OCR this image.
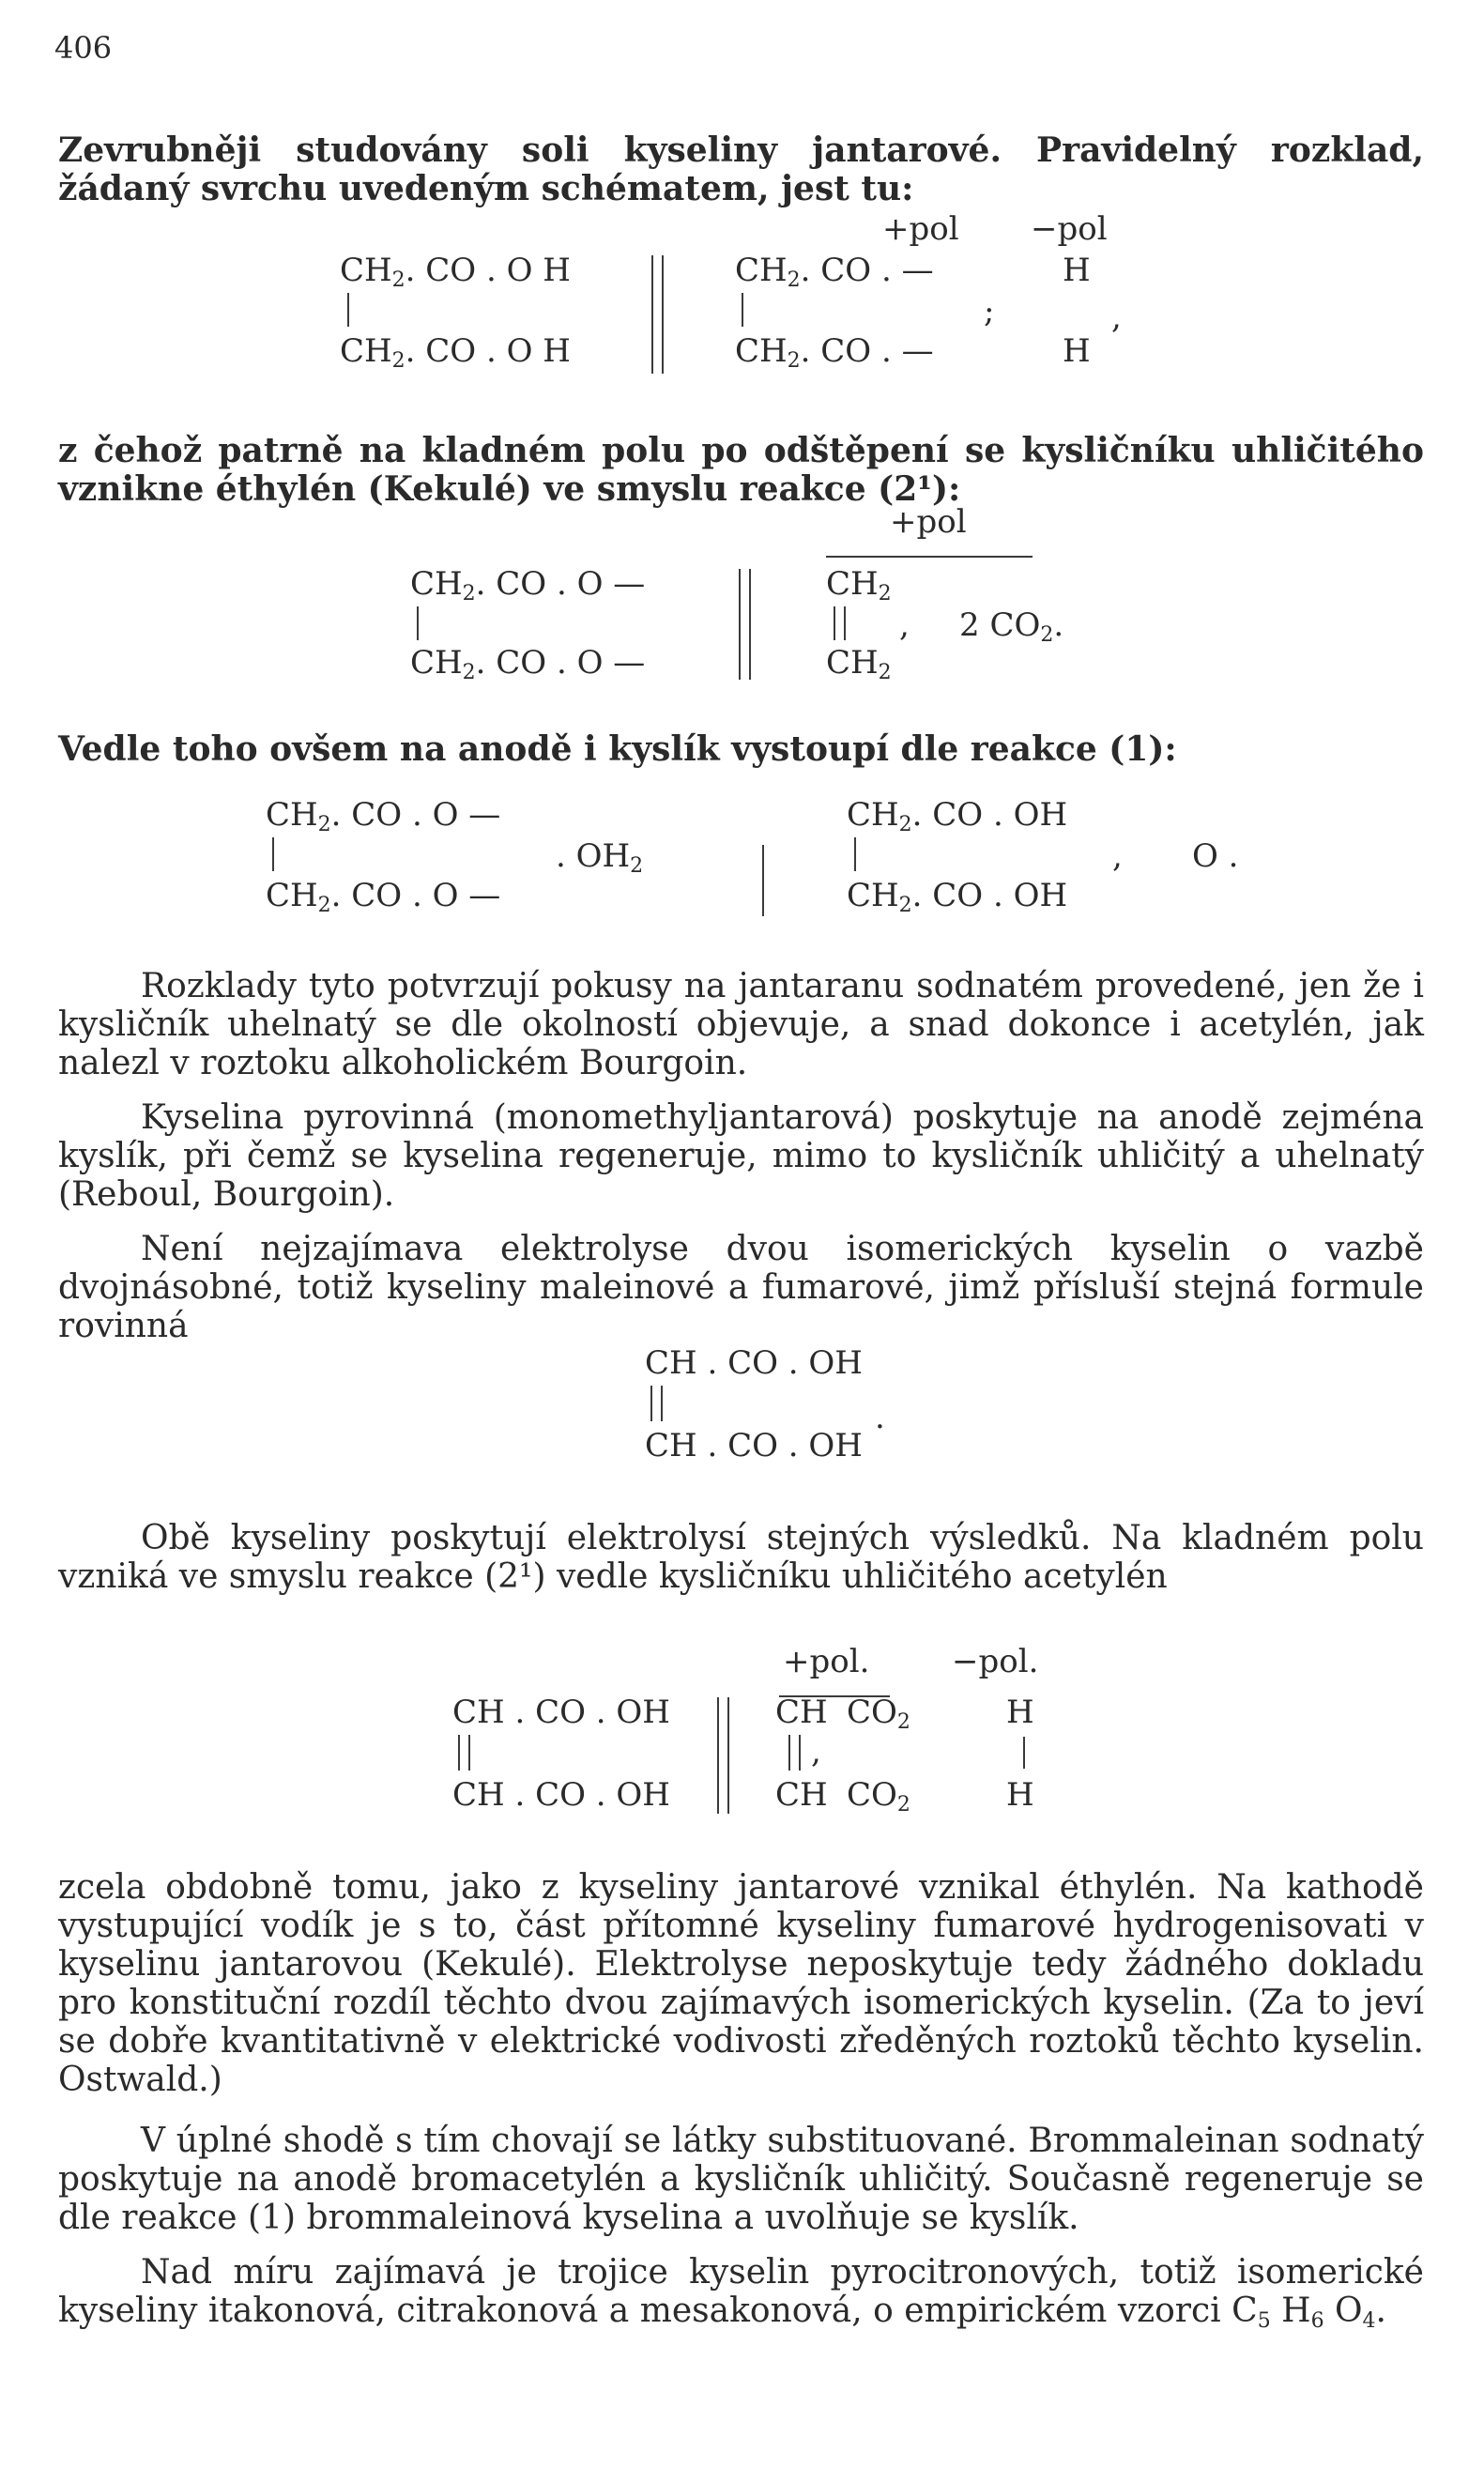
406

Zevrubněji studovány soli kyseliny jantarové. Pravidelný rozklad, žádaný svrchu uvedeným schématem, jest tu:

+pol −pol
$CH_2$. CO . O H
$CH_2$. CO . O H
$CH_2$. CO . —
$CH_2$. CO . —
;
H
,
H

z čehož patrně na kladném polu po odštěpení se kysličníku uhličitého vznikne éthylén (Kekulé) ve smyslu reakce (2¹):

+pol
$CH_2$. CO . O —
$CH_2$. CO . O —
$CH_2$
$CH_2$
, 2 $CO_2$.

Vedle toho ovšem na anodě i kyslík vystoupí dle reakce (1):

$CH_2$. CO . O —
$CH_2$. CO . O —
. $OH_2$
$CH_2$. CO . OH
$CH_2$. CO . OH
, O .

Rozklady tyto potvrzují pokusy na jantaranu sodnatém provedené, jen že i kysličník uhelnatý se dle okolností objevuje, a snad dokonce i acetylén, jak nalezl v roztoku alkoholickém Bourgoin.

Kyselina pyrovinná (monomethyljantarová) poskytuje na anodě zejména kyslík, při čemž se kyselina regeneruje, mimo to kysličník uhličitý a uhelnatý (Reboul, Bourgoin).

Není nejzajímava elektrolyse dvou isomerických kyselin o vazbě dvojnásobné, totiž kyseliny maleinové a fumarové, jimž přísluší stejná formule rovinná

CH . CO . OH
.
CH . CO . OH

Obě kyseliny poskytují elektrolysí stejných výsledků. Na kladném polu vzniká ve smyslu reakce (2¹) vedle kysličníku uhličitého acetylén

+pol.	−pol.
CH . CO . OH
CH . CO . OH
CH $CO_2$
,
CH $CO_2$
H
H

zcela obdobně tomu, jako z kyseliny jantarové vznikal éthylén. Na kathodě vystupující vodík je s to, část přítomné kyseliny fumarové hydrogenisovati v kyselinu jantarovou (Kekulé). Elektrolyse neposkytuje tedy žádného dokladu pro konstituční rozdíl těchto dvou zajímavých isomerických kyselin. (Za to jeví se dobře kvantitativně v elektrické vodivosti zředěných roztoků těchto kyselin. Ostwald.)

V úplné shodě s tím chovají se látky substituované. Brommaleinan sodnatý poskytuje na anodě bromacetylén a kysličník uhličitý. Současně regeneruje se dle reakce (1) brommaleinová kyselina a uvolňuje se kyslík.

Nad míru zajímavá je trojice kyselin pyrocitronových, totiž isomerické kyseliny itakonová, citrakonová a mesakonová, o empirickém vzorci $C_5$ $H_6$ $O_4$.
